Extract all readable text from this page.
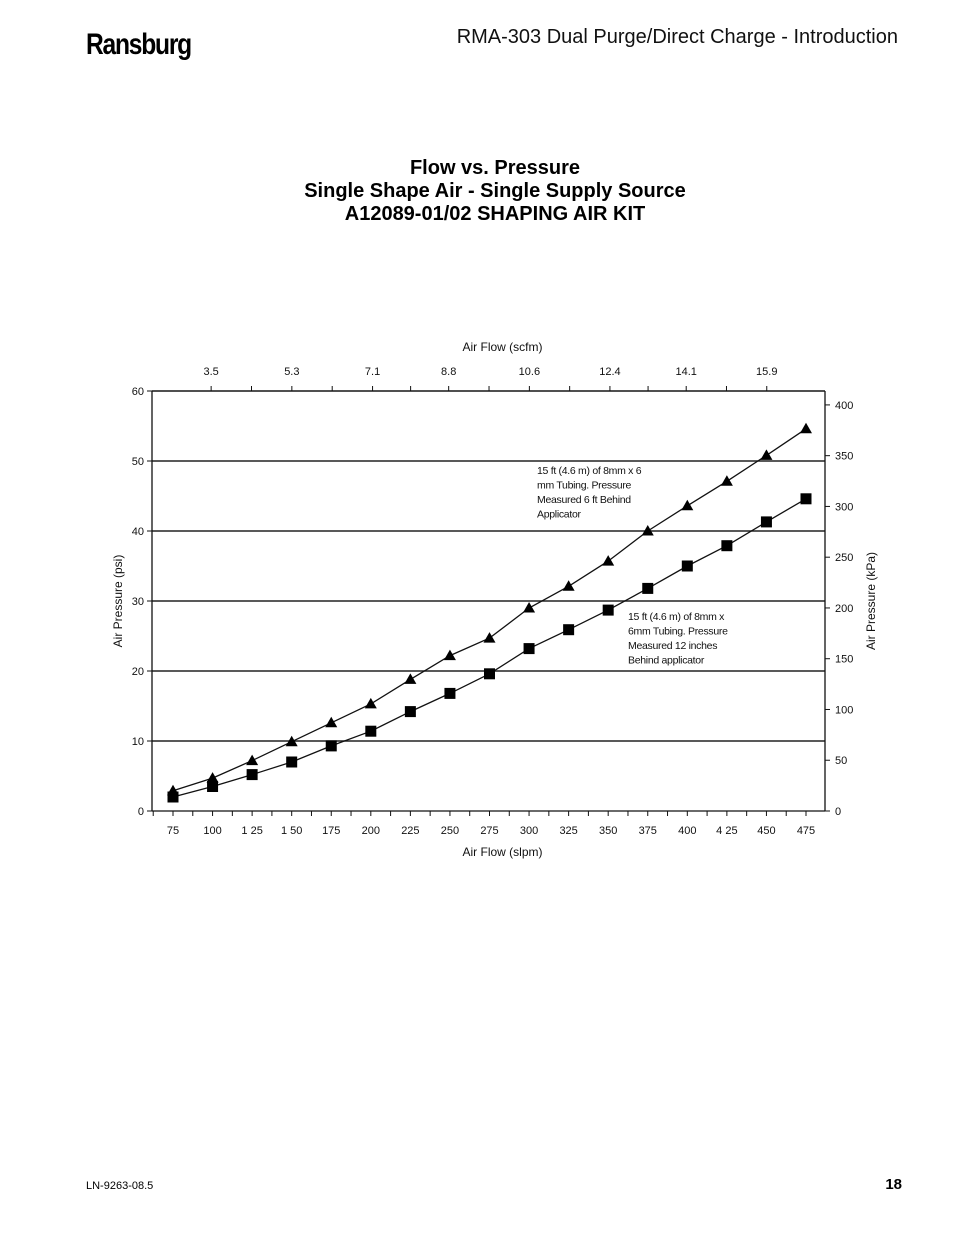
Ransburg	RMA-303 Dual Purge/Direct Charge - Introduction
Flow vs. Pressure
Single Shape Air - Single Supply Source
A12089-01/02 SHAPING AIR KIT
0
10
20
30
40
50
60
0
50
100
150
200
250
300
350
400
75 100 1 25 1 50 175 200 225 250 275 300 325 350 375 400 4 25 450 475
3.5	5.3	7.1	8.8	10.6	12.4	14.1	15.9
Air Flow (slpm)
Air Flow (scfm)
Air Pressure (psi)	Air Pressure (kPa)
15 ft (4.6 m) of 8mm x 6
mm Tubing. Pressure
Measured 6 ft Behind
Applicator
15 ft (4.6 m) of 8mm x
6mm Tubing. Pressure
Measured 12 inches
Behind applicator
LN-9263-08.5	18
